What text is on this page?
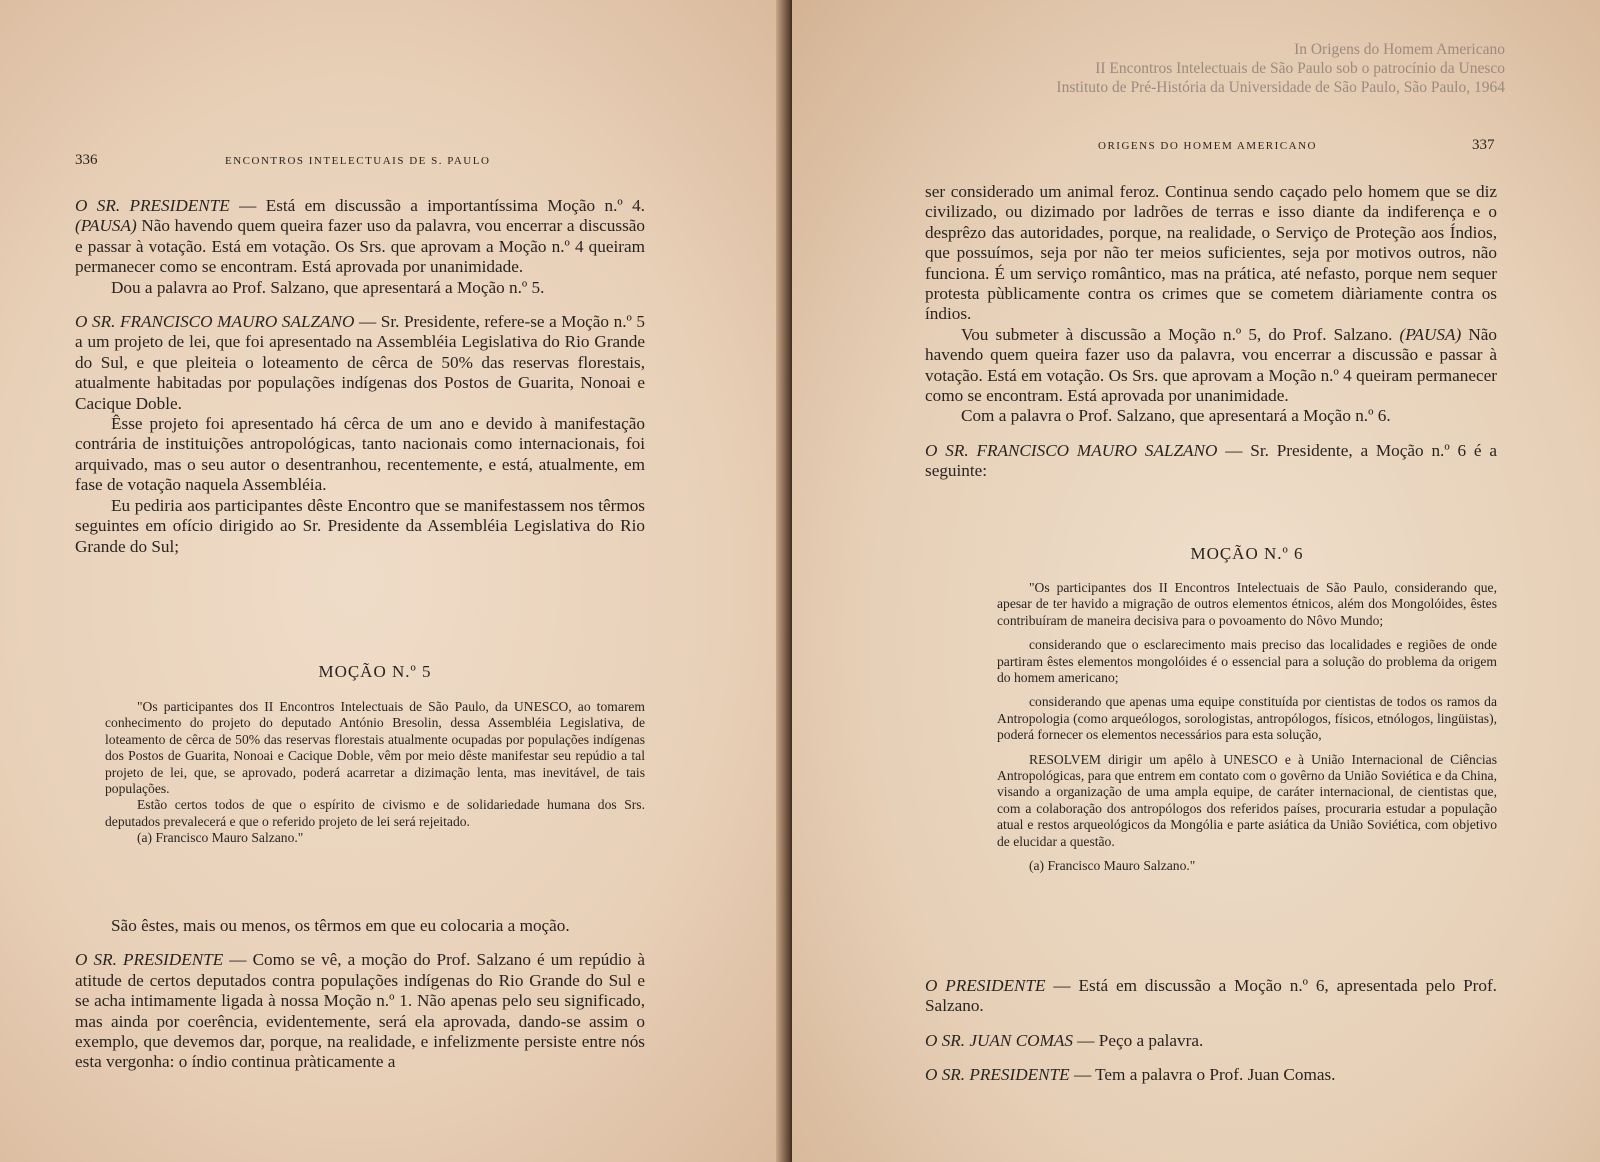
336	ENCONTROS INTELECTUAIS DE S. PAULO

O SR. PRESIDENTE — Está em discussão a importantíssima Moção n.º 4. (PAUSA) Não havendo quem queira fazer uso da palavra, vou encerrar a discussão e passar à votação. Está em votação. Os Srs. que aprovam a Moção n.º 4 queiram permanecer como se encontram. Está aprovada por unanimidade.

Dou a palavra ao Prof. Salzano, que apresentará a Moção n.º 5.

O SR. FRANCISCO MAURO SALZANO — Sr. Presidente, refere-se a Moção n.º 5 a um projeto de lei, que foi apresentado na Assembléia Legislativa do Rio Grande do Sul, e que pleiteia o loteamento de cêrca de 50% das reservas florestais, atualmente habitadas por populações indígenas dos Postos de Guarita, Nonoai e Cacique Doble.

Êsse projeto foi apresentado há cêrca de um ano e devido à manifestação contrária de instituições antropológicas, tanto nacionais como internacionais, foi arquivado, mas o seu autor o desentranhou, recentemente, e está, atualmente, em fase de votação naquela Assembléia.

Eu pediria aos participantes dêste Encontro que se manifestassem nos têrmos seguintes em ofício dirigido ao Sr. Presidente da Assembléia Legislativa do Rio Grande do Sul;

MOÇÃO N.º 5

"Os participantes dos II Encontros Intelectuais de São Paulo, da UNESCO, ao tomarem conhecimento do projeto do deputado António Bresolin, dessa Assembléia Legislativa, de loteamento de cêrca de 50% das reservas florestais atualmente ocupadas por populações indígenas dos Postos de Guarita, Nonoai e Cacique Doble, vêm por meio dêste manifestar seu repúdio a tal projeto de lei, que, se aprovado, poderá acarretar a dizimação lenta, mas inevitável, de tais populações.

Estão certos todos de que o espírito de civismo e de solidariedade humana dos Srs. deputados prevalecerá e que o referido projeto de lei será rejeitado.

(a) Francisco Mauro Salzano."

São êstes, mais ou menos, os têrmos em que eu colocaria a moção.

O SR. PRESIDENTE — Como se vê, a moção do Prof. Salzano é um repúdio à atitude de certos deputados contra populações indígenas do Rio Grande do Sul e se acha intimamente ligada à nossa Moção n.º 1. Não apenas pelo seu significado, mas ainda por coerência, evidentemente, será ela aprovada, dando-se assim o exemplo, que devemos dar, porque, na realidade, e infelizmente persiste entre nós esta vergonha: o índio continua pràticamente a

In Origens do Homem Americano
II Encontros Intelectuais de São Paulo sob o patrocínio da Unesco
Instituto de Pré-História da Universidade de São Paulo, São Paulo, 1964
ORIGENS DO HOMEM AMERICANO	337

ser considerado um animal feroz. Continua sendo caçado pelo homem que se diz civilizado, ou dizimado por ladrões de terras e isso diante da indiferença e o desprêzo das autoridades, porque, na realidade, o Serviço de Proteção aos Índios, que possuímos, seja por não ter meios suficientes, seja por motivos outros, não funciona. É um serviço romântico, mas na prática, até nefasto, porque nem sequer protesta pùblicamente contra os crimes que se cometem diàriamente contra os índios.

Vou submeter à discussão a Moção n.º 5, do Prof. Salzano. (PAUSA) Não havendo quem queira fazer uso da palavra, vou encerrar a discussão e passar à votação. Está em votação. Os Srs. que aprovam a Moção n.º 4 queiram permanecer como se encontram. Está aprovada por unanimidade.

Com a palavra o Prof. Salzano, que apresentará a Moção n.º 6.

O SR. FRANCISCO MAURO SALZANO — Sr. Presidente, a Moção n.º 6 é a seguinte:

MOÇÃO N.º 6

"Os participantes dos II Encontros Intelectuais de São Paulo, considerando que, apesar de ter havido a migração de outros elementos étnicos, além dos Mongolóides, êstes contribuíram de maneira decisiva para o povoamento do Nôvo Mundo;

considerando que o esclarecimento mais preciso das localidades e regiões de onde partiram êstes elementos mongolóides é o essencial para a solução do problema da origem do homem americano;

considerando que apenas uma equipe constituída por cientistas de todos os ramos da Antropologia (como arqueólogos, sorologistas, antropólogos, físicos, etnólogos, lingüistas), poderá fornecer os elementos necessários para esta solução,

RESOLVEM dirigir um apêlo à UNESCO e à União Internacional de Ciências Antropológicas, para que entrem em contato com o govêrno da União Soviética e da China, visando a organização de uma ampla equipe, de caráter internacional, de cientistas que, com a colaboração dos antropólogos dos referidos países, procuraria estudar a população atual e restos arqueológicos da Mongólia e parte asiática da União Soviética, com objetivo de elucidar a questão.

(a) Francisco Mauro Salzano."

O PRESIDENTE — Está em discussão a Moção n.º 6, apresentada pelo Prof. Salzano.

O SR. JUAN COMAS — Peço a palavra.

O SR. PRESIDENTE — Tem a palavra o Prof. Juan Comas.
